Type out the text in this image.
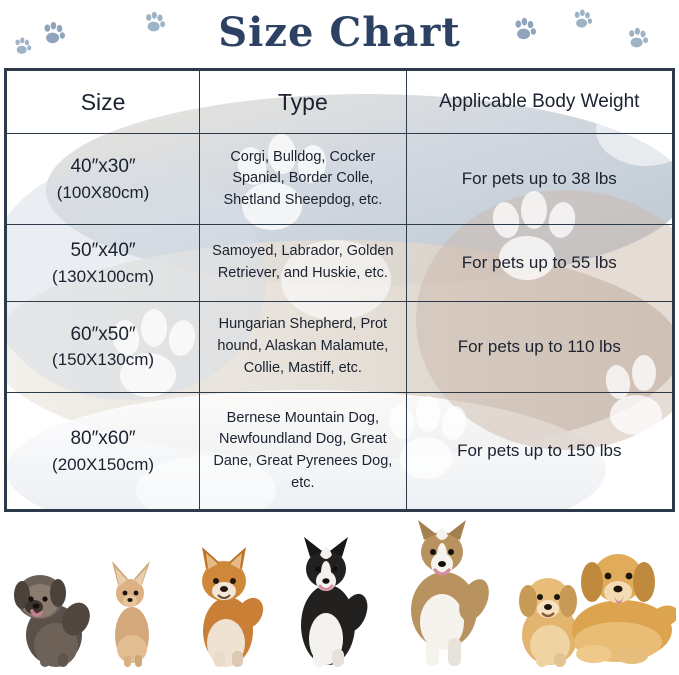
Size Chart
Size	Type	Applicable Body Weight

40″x30″
(100X80cm)	Corgi, Bulldog, Cocker Spaniel, Border Colle, Shetland Sheepdog, etc.	For pets up to 38 lbs

50″x40″
(130X100cm)	Samoyed, Labrador, Golden Retriever, and Huskie, etc.	For pets up to 55 lbs

60″x50″
(150X130cm)	Hungarian Shepherd, Prot hound, Alaskan Malamute, Collie, Mastiff, etc.	For pets up to 110 lbs

80″x60″
(200X150cm)	Bernese Mountain Dog, Newfoundland Dog, Great Dane, Great Pyrenees Dog, etc.	For pets up to 150 lbs
